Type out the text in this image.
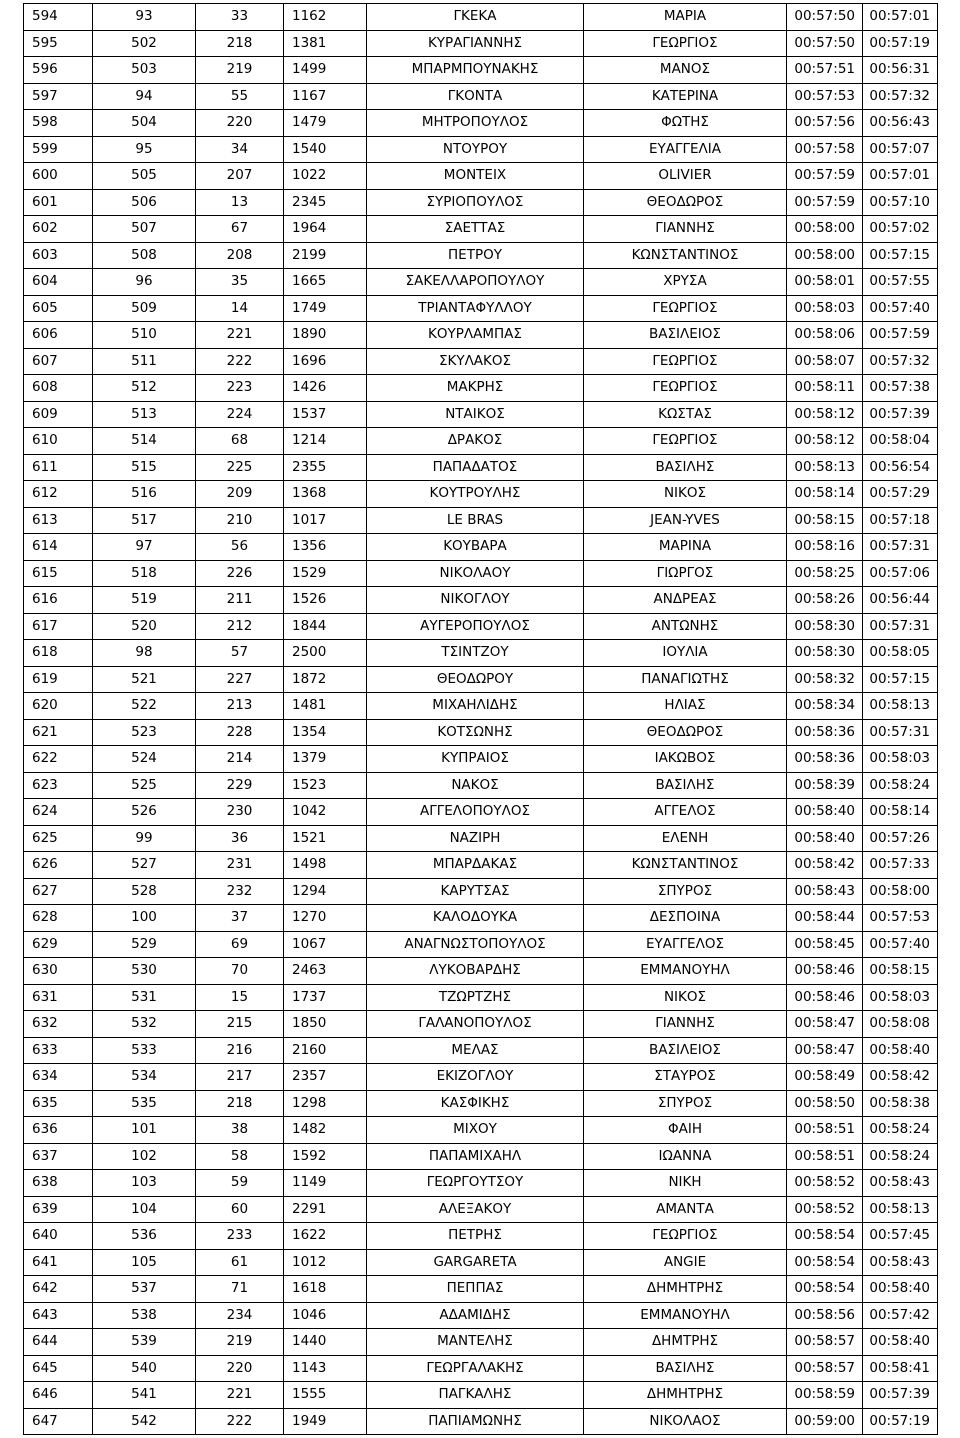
594	93	33	1162	ΓΚΕΚΑ	ΜΑΡΙΑ	00:57:50	00:57:01
595	502	218	1381	ΚΥΡΑΓΙΑΝΝΗΣ	ΓΕΩΡΓΙΟΣ	00:57:50	00:57:19
596	503	219	1499	ΜΠΑΡΜΠΟΥΝΑΚΗΣ	ΜΑΝΟΣ	00:57:51	00:56:31
597	94	55	1167	ΓΚΟΝΤΑ	ΚΑΤΕΡΙΝΑ	00:57:53	00:57:32
598	504	220	1479	ΜΗΤΡΟΠΟΥΛΟΣ	ΦΩΤΗΣ	00:57:56	00:56:43
599	95	34	1540	ΝΤΟΥΡΟΥ	ΕΥΑΓΓΕΛΙΑ	00:57:58	00:57:07
600	505	207	1022	ΜΟΝΤΕΙΧ	OLIVIER	00:57:59	00:57:01
601	506	13	2345	ΣΥΡΙΟΠΟΥΛΟΣ	ΘΕΟΔΩΡΟΣ	00:57:59	00:57:10
602	507	67	1964	ΣΑΕΤΤΑΣ	ΓΙΑΝΝΗΣ	00:58:00	00:57:02
603	508	208	2199	ΠΕΤΡΟΥ	ΚΩΝΣΤΑΝΤΙΝΟΣ	00:58:00	00:57:15
604	96	35	1665	ΣΑΚΕΛΛΑΡΟΠΟΥΛΟΥ	ΧΡΥΣΑ	00:58:01	00:57:55
605	509	14	1749	ΤΡΙΑΝΤΑΦΥΛΛΟΥ	ΓΕΩΡΓΙΟΣ	00:58:03	00:57:40
606	510	221	1890	ΚΟΥΡΛΑΜΠΑΣ	ΒΑΣΙΛΕΙΟΣ	00:58:06	00:57:59
607	511	222	1696	ΣΚΥΛΑΚΟΣ	ΓΕΩΡΓΙΟΣ	00:58:07	00:57:32
608	512	223	1426	ΜΑΚΡΗΣ	ΓΕΩΡΓΙΟΣ	00:58:11	00:57:38
609	513	224	1537	ΝΤΑΙΚΟΣ	ΚΩΣΤΑΣ	00:58:12	00:57:39
610	514	68	1214	ΔΡΑΚΟΣ	ΓΕΩΡΓΙΟΣ	00:58:12	00:58:04
611	515	225	2355	ΠΑΠΑΔΑΤΟΣ	ΒΑΣΙΛΗΣ	00:58:13	00:56:54
612	516	209	1368	ΚΟΥΤΡΟΥΛΗΣ	ΝΙΚΟΣ	00:58:14	00:57:29
613	517	210	1017	LE BRAS	JEAN-YVES	00:58:15	00:57:18
614	97	56	1356	ΚΟΥΒΑΡΑ	ΜΑΡΙΝΑ	00:58:16	00:57:31
615	518	226	1529	ΝΙΚΟΛΑΟΥ	ΓΙΩΡΓΟΣ	00:58:25	00:57:06
616	519	211	1526	ΝΙΚΟΓΛΟΥ	ΑΝΔΡΕΑΣ	00:58:26	00:56:44
617	520	212	1844	ΑΥΓΕΡΟΠΟΥΛΟΣ	ΑΝΤΩΝΗΣ	00:58:30	00:57:31
618	98	57	2500	ΤΣΙΝΤΖΟΥ	ΙΟΥΛΙΑ	00:58:30	00:58:05
619	521	227	1872	ΘΕΟΔΩΡΟΥ	ΠΑΝΑΓΙΩΤΗΣ	00:58:32	00:57:15
620	522	213	1481	ΜΙΧΑΗΛΙΔΗΣ	ΗΛΙΑΣ	00:58:34	00:58:13
621	523	228	1354	ΚΟΤΣΩΝΗΣ	ΘΕΟΔΩΡΟΣ	00:58:36	00:57:31
622	524	214	1379	ΚΥΠΡΑΙΟΣ	ΙΑΚΩΒΟΣ	00:58:36	00:58:03
623	525	229	1523	ΝΑΚΟΣ	ΒΑΣΙΛΗΣ	00:58:39	00:58:24
624	526	230	1042	ΑΓΓΕΛΟΠΟΥΛΟΣ	ΑΓΓΕΛΟΣ	00:58:40	00:58:14
625	99	36	1521	ΝΑΖΙΡΗ	ΕΛΕΝΗ	00:58:40	00:57:26
626	527	231	1498	ΜΠΑΡΔΑΚΑΣ	ΚΩΝΣΤΑΝΤΙΝΟΣ	00:58:42	00:57:33
627	528	232	1294	ΚΑΡΥΤΣΑΣ	ΣΠΥΡΟΣ	00:58:43	00:58:00
628	100	37	1270	ΚΑΛΟΔΟΥΚΑ	ΔΕΣΠΟΙΝΑ	00:58:44	00:57:53
629	529	69	1067	ΑΝΑΓΝΩΣΤΟΠΟΥΛΟΣ	ΕΥΑΓΓΕΛΟΣ	00:58:45	00:57:40
630	530	70	2463	ΛΥΚΟΒΑΡΔΗΣ	ΕΜΜΑΝΟΥΗΛ	00:58:46	00:58:15
631	531	15	1737	ΤΖΩΡΤΖΗΣ	ΝΙΚΟΣ	00:58:46	00:58:03
632	532	215	1850	ΓΑΛΑΝΟΠΟΥΛΟΣ	ΓΙΑΝΝΗΣ	00:58:47	00:58:08
633	533	216	2160	ΜΕΛΑΣ	ΒΑΣΙΛΕΙΟΣ	00:58:47	00:58:40
634	534	217	2357	ΕΚΙΖΟΓΛΟΥ	ΣΤΑΥΡΟΣ	00:58:49	00:58:42
635	535	218	1298	ΚΑΣΦΙΚΗΣ	ΣΠΥΡΟΣ	00:58:50	00:58:38
636	101	38	1482	ΜΙΧΟΥ	ΦΑΙΗ	00:58:51	00:58:24
637	102	58	1592	ΠΑΠΑΜΙΧΑΗΛ	ΙΩΑΝΝΑ	00:58:51	00:58:24
638	103	59	1149	ΓΕΩΡΓΟΥΤΣΟΥ	ΝΙΚΗ	00:58:52	00:58:43
639	104	60	2291	ΑΛΕΞΑΚΟΥ	ΑΜΑΝΤΑ	00:58:52	00:58:13
640	536	233	1622	ΠΕΤΡΗΣ	ΓΕΩΡΓΙΟΣ	00:58:54	00:57:45
641	105	61	1012	GARGARETA	ANGIE	00:58:54	00:58:43
642	537	71	1618	ΠΕΠΠΑΣ	ΔΗΜΗΤΡΗΣ	00:58:54	00:58:40
643	538	234	1046	ΑΔΑΜΙΔΗΣ	ΕΜΜΑΝΟΥΗΛ	00:58:56	00:57:42
644	539	219	1440	ΜΑΝΤΕΛΗΣ	ΔΗΜΤΡΗΣ	00:58:57	00:58:40
645	540	220	1143	ΓΕΩΡΓΑΛΑΚΗΣ	ΒΑΣΙΛΗΣ	00:58:57	00:58:41
646	541	221	1555	ΠΑΓΚΑΛΗΣ	ΔΗΜΗΤΡΗΣ	00:58:59	00:57:39
647	542	222	1949	ΠΑΠΙΑΜΩΝΗΣ	ΝΙΚΟΛΑΟΣ	00:59:00	00:57:19
